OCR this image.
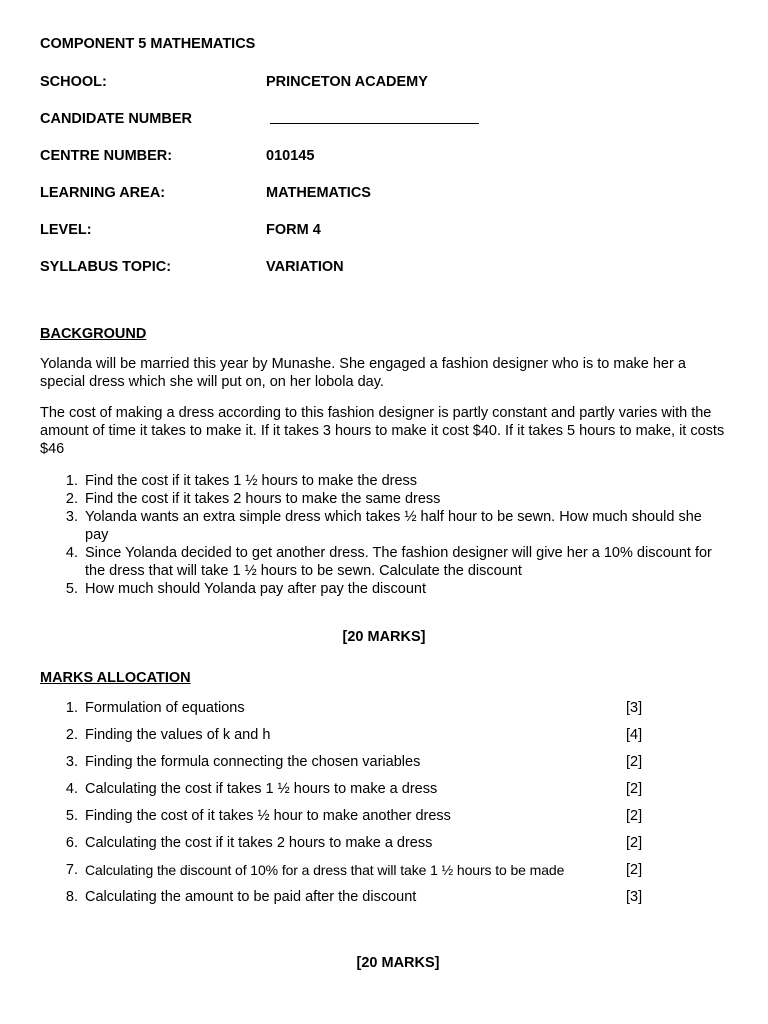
COMPONENT 5 MATHEMATICS
SCHOOL:	PRINCETON ACADEMY
CANDIDATE NUMBER
CENTRE NUMBER:	010145
LEARNING AREA:	MATHEMATICS
LEVEL:	FORM 4
SYLLABUS TOPIC:	VARIATION
BACKGROUND
Yolanda will be married this year by Munashe. She engaged a fashion designer who is to make her a special dress which she will put on, on her lobola day.
The cost of making a dress according to this fashion designer is partly constant and partly varies with the amount of time it takes to make it. If it takes 3 hours to make it cost $40. If it takes 5 hours to make, it costs $46
1. Find the cost if it takes 1 ½ hours to make the dress
2. Find the cost if it takes 2 hours to make the same dress
3. Yolanda wants an extra simple dress which takes ½ half hour to be sewn. How much should she pay
4. Since Yolanda decided to get another dress. The fashion designer will give her a 10% discount for the dress that will take 1 ½ hours to be sewn. Calculate the discount
5. How much should Yolanda pay after pay the discount
[20 MARKS]
MARKS ALLOCATION
1. Formulation of equations	[3]
2. Finding the values of k and h	[4]
3. Finding the formula connecting the chosen variables	[2]
4. Calculating the cost if takes 1 ½ hours to make a dress	[2]
5. Finding the cost of it takes ½ hour to make another dress	[2]
6. Calculating the cost if it takes 2 hours to make a dress	[2]
7. Calculating the discount of 10% for a dress that will take 1 ½ hours to be made	[2]
8. Calculating the amount to be paid after the discount	[3]
[20 MARKS]
